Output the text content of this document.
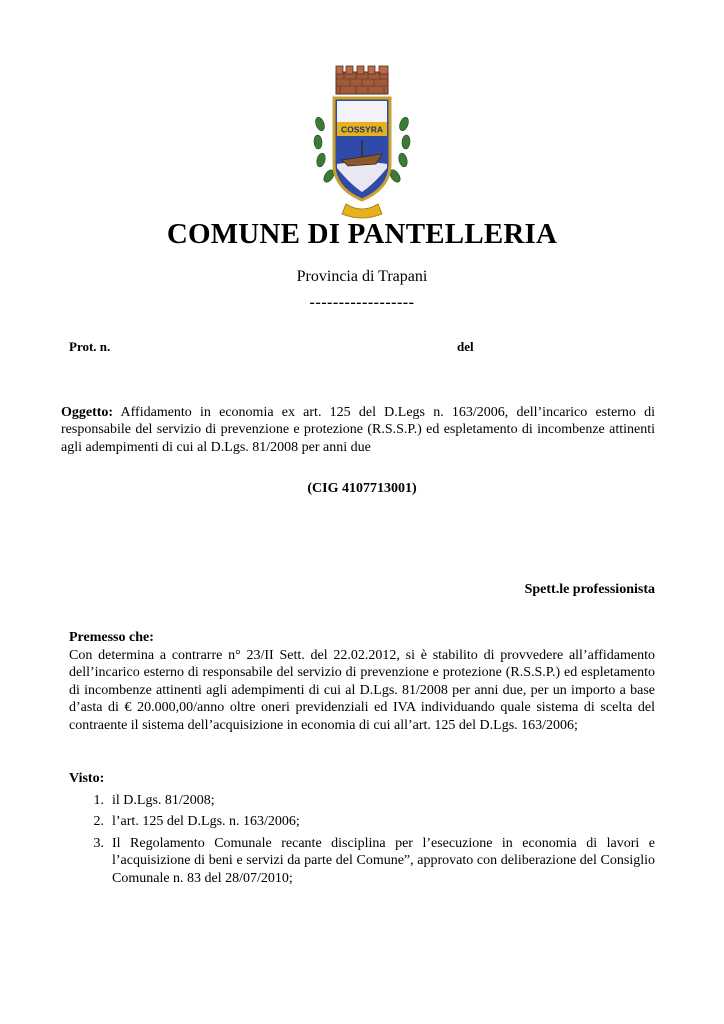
COSSYRA
COMUNE DI PANTELLERIA
Provincia di Trapani
------------------
Prot. n.	del
Oggetto: Affidamento in economia ex art. 125 del D.Legs n. 163/2006, dell’incarico esterno di responsabile del servizio di prevenzione e protezione (R.S.S.P.) ed espletamento di incombenze attinenti agli adempimenti di cui al D.Lgs. 81/2008 per anni due
(CIG 4107713001)
Spett.le professionista
Premesso che:
Con determina a contrarre n° 23/II Sett. del 22.02.2012, si è stabilito di provvedere all’affidamento dell’incarico esterno di responsabile del servizio di prevenzione e protezione (R.S.S.P.) ed espletamento di incombenze attinenti agli adempimenti di cui al D.Lgs. 81/2008 per anni due, per un importo a base d’asta di € 20.000,00/anno oltre oneri previdenziali ed IVA individuando quale sistema di scelta del contraente il sistema dell’acquisizione in economia di cui all’art. 125 del D.Lgs. 163/2006;
Visto:
1. il D.Lgs. 81/2008;
2. l’art. 125 del D.Lgs. n. 163/2006;
3. Il Regolamento Comunale recante disciplina per l’esecuzione in economia di lavori e l’acquisizione di beni e servizi da parte del Comune”, approvato con deliberazione del Consiglio Comunale n. 83 del 28/07/2010;
